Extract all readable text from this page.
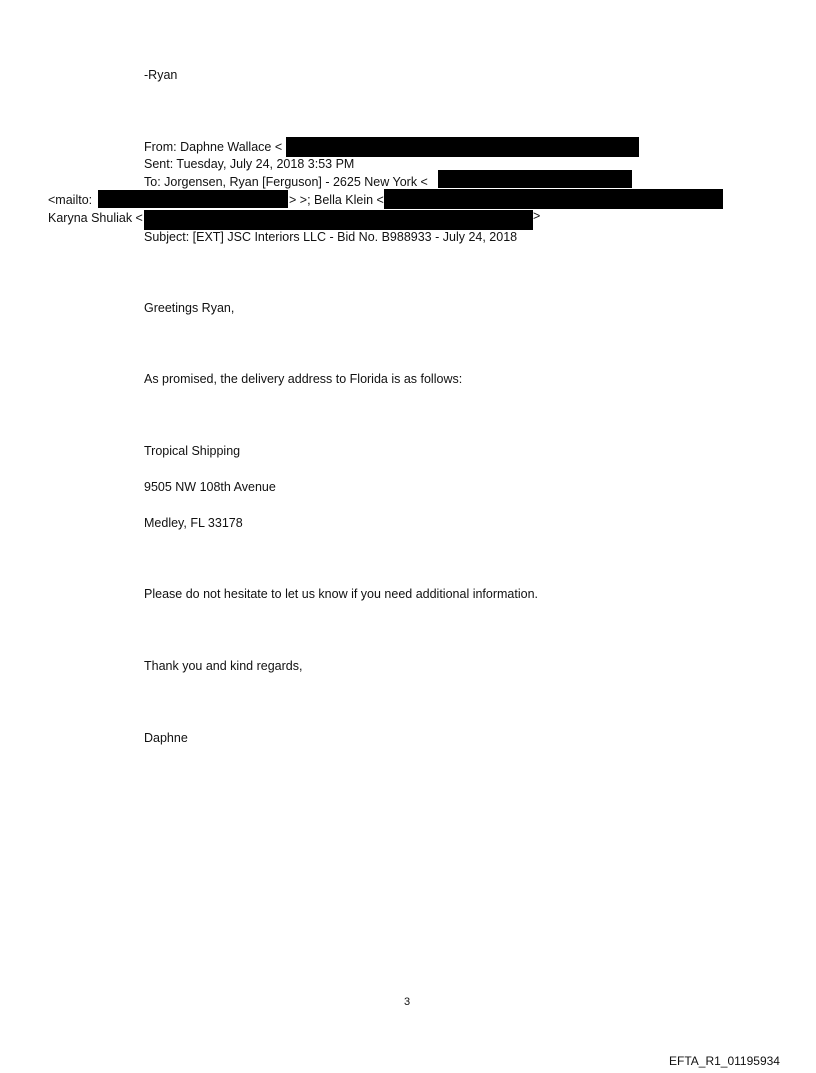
-Ryan
From: Daphne Wallace <
Sent: Tuesday, July 24, 2018 3:53 PM
To: Jorgensen, Ryan [Ferguson] - 2625 New York <
<mailto:	> >; Bella Klein <
Karyna Shuliak <	>
Subject: [EXT] JSC Interiors LLC - Bid No. B988933 - July 24, 2018
Greetings Ryan,
As promised, the delivery address to Florida is as follows:
Tropical Shipping
9505 NW 108th Avenue
Medley, FL 33178
Please do not hesitate to let us know if you need additional information.
Thank you and kind regards,
Daphne
3
EFTA_R1_01195934
